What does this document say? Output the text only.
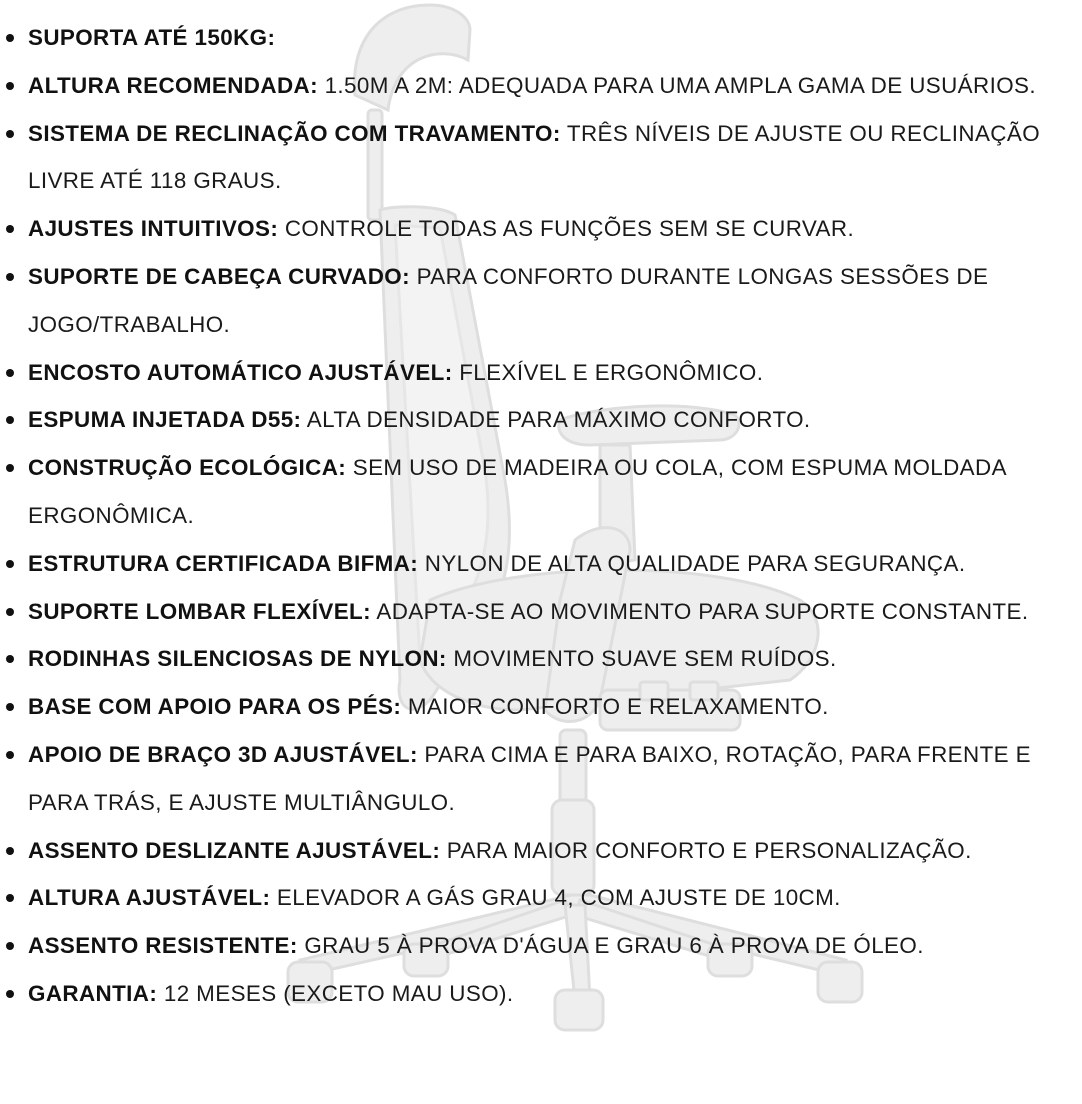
SUPORTA ATÉ 150KG:
ALTURA RECOMENDADA: 1.50M A 2M: ADEQUADA PARA UMA AMPLA GAMA DE USUÁRIOS.
SISTEMA DE RECLINAÇÃO COM TRAVAMENTO: TRÊS NÍVEIS DE AJUSTE OU RECLINAÇÃO LIVRE ATÉ 118 GRAUS.
AJUSTES INTUITIVOS: CONTROLE TODAS AS FUNÇÕES SEM SE CURVAR.
SUPORTE DE CABEÇA CURVADO: PARA CONFORTO DURANTE LONGAS SESSÕES DE JOGO/TRABALHO.
ENCOSTO AUTOMÁTICO AJUSTÁVEL: FLEXÍVEL E ERGONÔMICO.
ESPUMA INJETADA D55: ALTA DENSIDADE PARA MÁXIMO CONFORTO.
CONSTRUÇÃO ECOLÓGICA: SEM USO DE MADEIRA OU COLA, COM ESPUMA MOLDADA ERGONÔMICA.
ESTRUTURA CERTIFICADA BIFMA: NYLON DE ALTA QUALIDADE PARA SEGURANÇA.
SUPORTE LOMBAR FLEXÍVEL: ADAPTA-SE AO MOVIMENTO PARA SUPORTE CONSTANTE.
RODINHAS SILENCIOSAS DE NYLON: MOVIMENTO SUAVE SEM RUÍDOS.
BASE COM APOIO PARA OS PÉS: MAIOR CONFORTO E RELAXAMENTO.
APOIO DE BRAÇO 3D AJUSTÁVEL: PARA CIMA E PARA BAIXO, ROTAÇÃO, PARA FRENTE E PARA TRÁS, E AJUSTE MULTIÂNGULO.
ASSENTO DESLIZANTE AJUSTÁVEL: PARA MAIOR CONFORTO E PERSONALIZAÇÃO.
ALTURA AJUSTÁVEL: ELEVADOR A GÁS GRAU 4, COM AJUSTE DE 10CM.
ASSENTO RESISTENTE: GRAU 5 À PROVA D'ÁGUA E GRAU 6 À PROVA DE ÓLEO.
GARANTIA: 12 MESES (EXCETO MAU USO).
